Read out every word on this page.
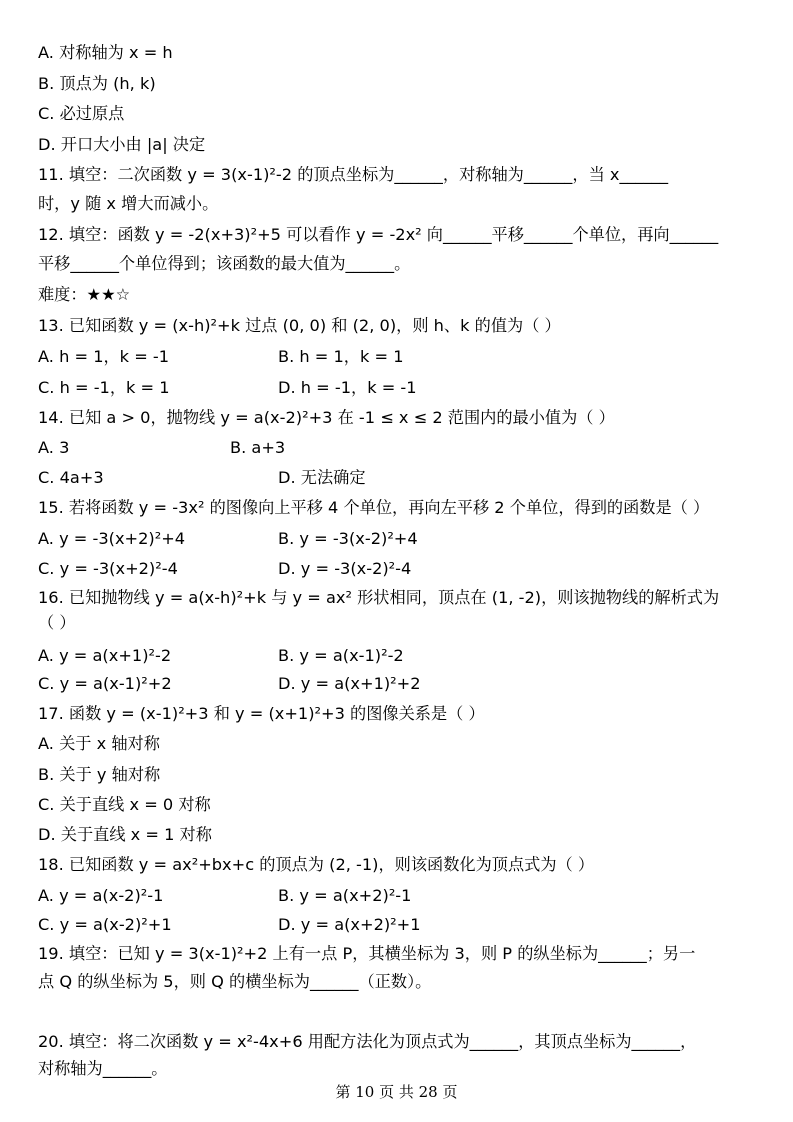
A. 对称轴为 x = h
B. 顶点为 (h, k)
C. 必过原点
D. 开口大小由 |a| 决定
11. 填空：二次函数 y = 3(x-1)²-2 的顶点坐标为______，对称轴为______，当 x______
时，y 随 x 增大而减小。
12. 填空：函数 y = -2(x+3)²+5 可以看作 y = -2x² 向______平移______个单位，再向______
平移______个单位得到；该函数的最大值为______。
难度：★★☆
13. 已知函数 y = (x-h)²+k 过点 (0, 0) 和 (2, 0)，则 h、k 的值为（ ）
A. h = 1，k = -1	B. h = 1，k = 1
C. h = -1，k = 1	D. h = -1，k = -1
14. 已知 a > 0，抛物线 y = a(x-2)²+3 在 -1 ≤ x ≤ 2 范围内的最小值为（ ）
A. 3	B. a+3
C. 4a+3	D. 无法确定
15. 若将函数 y = -3x² 的图像向上平移 4 个单位，再向左平移 2 个单位，得到的函数是（ ）
A. y = -3(x+2)²+4	B. y = -3(x-2)²+4
C. y = -3(x+2)²-4	D. y = -3(x-2)²-4
16. 已知抛物线 y = a(x-h)²+k 与 y = ax² 形状相同，顶点在 (1, -2)，则该抛物线的解析式为
（ ）
A. y = a(x+1)²-2	B. y = a(x-1)²-2
C. y = a(x-1)²+2	D. y = a(x+1)²+2
17. 函数 y = (x-1)²+3 和 y = (x+1)²+3 的图像关系是（ ）
A. 关于 x 轴对称
B. 关于 y 轴对称
C. 关于直线 x = 0 对称
D. 关于直线 x = 1 对称
18. 已知函数 y = ax²+bx+c 的顶点为 (2, -1)，则该函数化为顶点式为（ ）
A. y = a(x-2)²-1	B. y = a(x+2)²-1
C. y = a(x-2)²+1	D. y = a(x+2)²+1
19. 填空：已知 y = 3(x-1)²+2 上有一点 P，其横坐标为 3，则 P 的纵坐标为______；另一
点 Q 的纵坐标为 5，则 Q 的横坐标为______（正数）。
20. 填空：将二次函数 y = x²-4x+6 用配方法化为顶点式为______，其顶点坐标为______，
对称轴为______。
第 10 页 共 28 页
